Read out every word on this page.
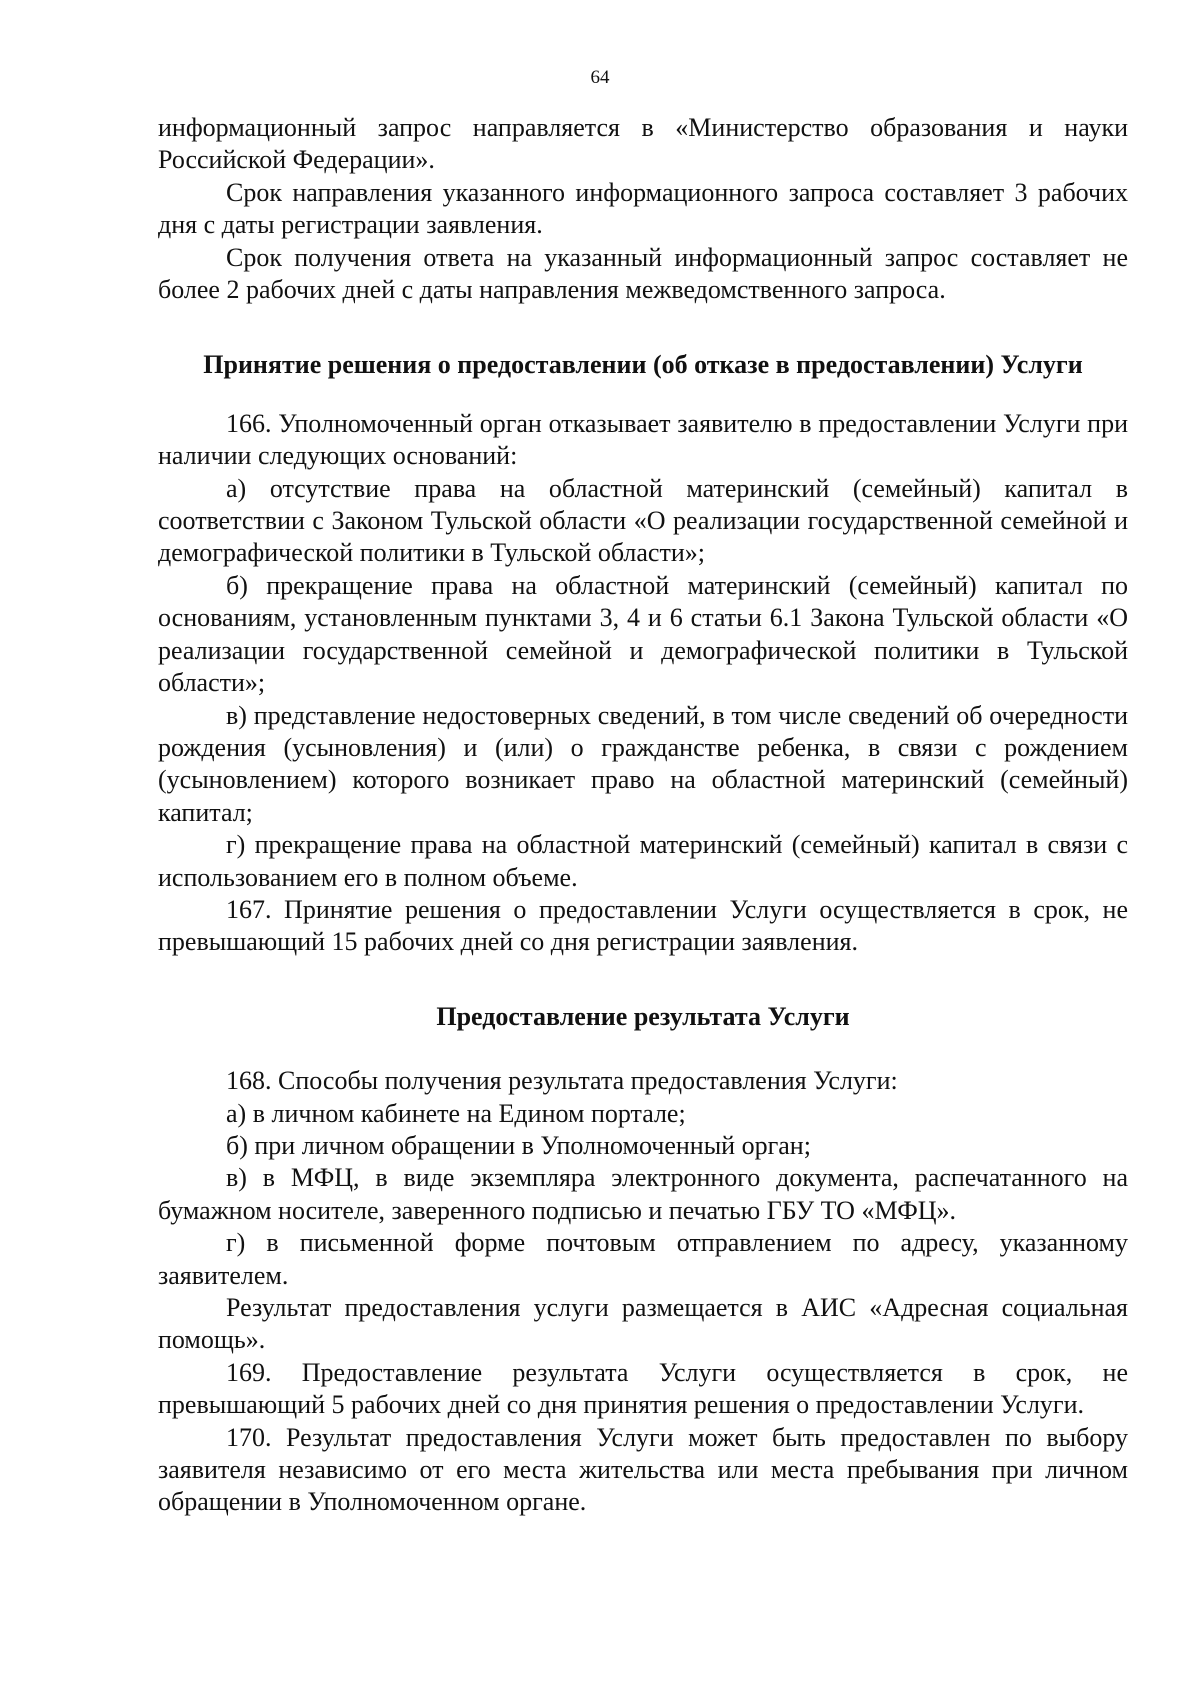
64

информационный запрос направляется в «Министерство образования и науки Российской Федерации».

Срок направления указанного информационного запроса составляет 3 рабочих дня с даты регистрации заявления.

Срок получения ответа на указанный информационный запрос составляет не более 2 рабочих дней с даты направления межведомственного запроса.

Принятие решения о предоставлении (об отказе в предоставлении) Услуги

166. Уполномоченный орган отказывает заявителю в предоставлении Услуги при наличии следующих оснований:

а) отсутствие права на областной материнский (семейный) капитал в соответствии с Законом Тульской области «О реализации государственной семейной и демографической политики в Тульской области»;

б) прекращение права на областной материнский (семейный) капитал по основаниям, установленным пунктами 3, 4 и 6 статьи 6.1 Закона Тульской области «О реализации государственной семейной и демографической политики в Тульской области»;

в) представление недостоверных сведений, в том числе сведений об очередности рождения (усыновления) и (или) о гражданстве ребенка, в связи с рождением (усыновлением) которого возникает право на областной материнский (семейный) капитал;

г) прекращение права на областной материнский (семейный) капитал в связи с использованием его в полном объеме.

167. Принятие решения о предоставлении Услуги осуществляется в срок, не превышающий 15 рабочих дней со дня регистрации заявления.

Предоставление результата Услуги

168. Способы получения результата предоставления Услуги:

а) в личном кабинете на Едином портале;

б) при личном обращении в Уполномоченный орган;

в) в МФЦ, в виде экземпляра электронного документа, распечатанного на бумажном носителе, заверенного подписью и печатью ГБУ ТО «МФЦ».

г) в письменной форме почтовым отправлением по адресу, указанному заявителем.

Результат предоставления услуги размещается в АИС «Адресная социальная помощь».

169. Предоставление результата Услуги осуществляется в срок, не превышающий 5 рабочих дней со дня принятия решения о предоставлении Услуги.

170. Результат предоставления Услуги может быть предоставлен по выбору заявителя независимо от его места жительства или места пребывания при личном обращении в Уполномоченном органе.
